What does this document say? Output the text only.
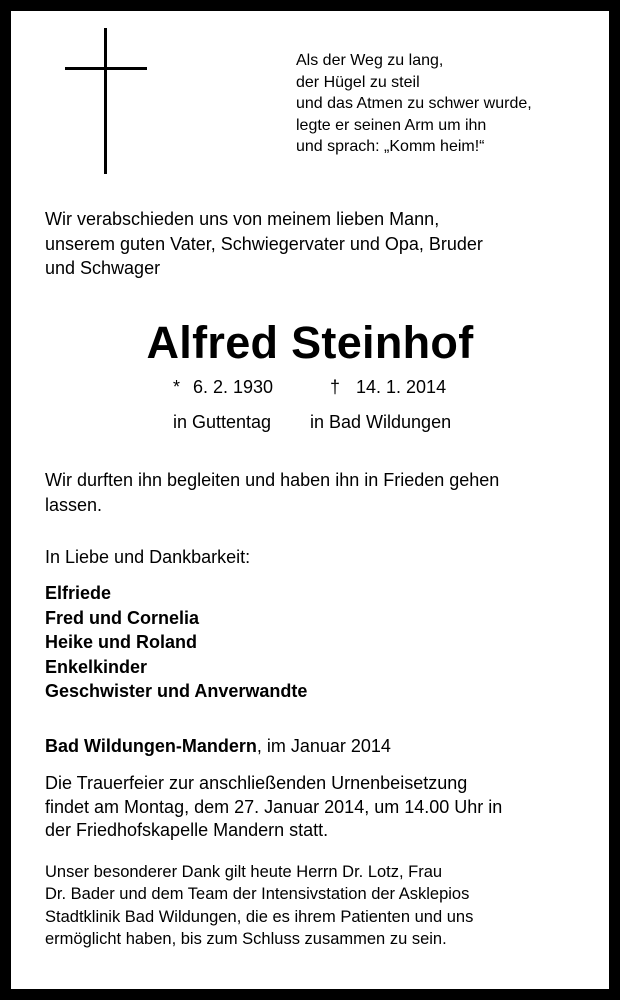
Als der Weg zu lang,
der Hügel zu steil
und das Atmen zu schwer wurde,
legte er seinen Arm um ihn
und sprach: „Komm heim!“
Wir verabschieden uns von meinem lieben Mann,
unserem guten Vater, Schwiegervater und Opa, Bruder
und Schwager
Alfred Steinhof
* 6. 2. 1930	† 14. 1. 2014
in Guttentag in Bad Wildungen
Wir durften ihn begleiten und haben ihn in Frieden gehen
lassen.
In Liebe und Dankbarkeit:
Elfriede
Fred und Cornelia
Heike und Roland
Enkelkinder
Geschwister und Anverwandte
Bad Wildungen-Mandern, im Januar 2014
Die Trauerfeier zur anschließenden Urnenbeisetzung
findet am Montag, dem 27. Januar 2014, um 14.00 Uhr in
der Friedhofskapelle Mandern statt.
Unser besonderer Dank gilt heute Herrn Dr. Lotz, Frau
Dr. Bader und dem Team der Intensivstation der Asklepios
Stadtklinik Bad Wildungen, die es ihrem Patienten und uns
ermöglicht haben, bis zum Schluss zusammen zu sein.
